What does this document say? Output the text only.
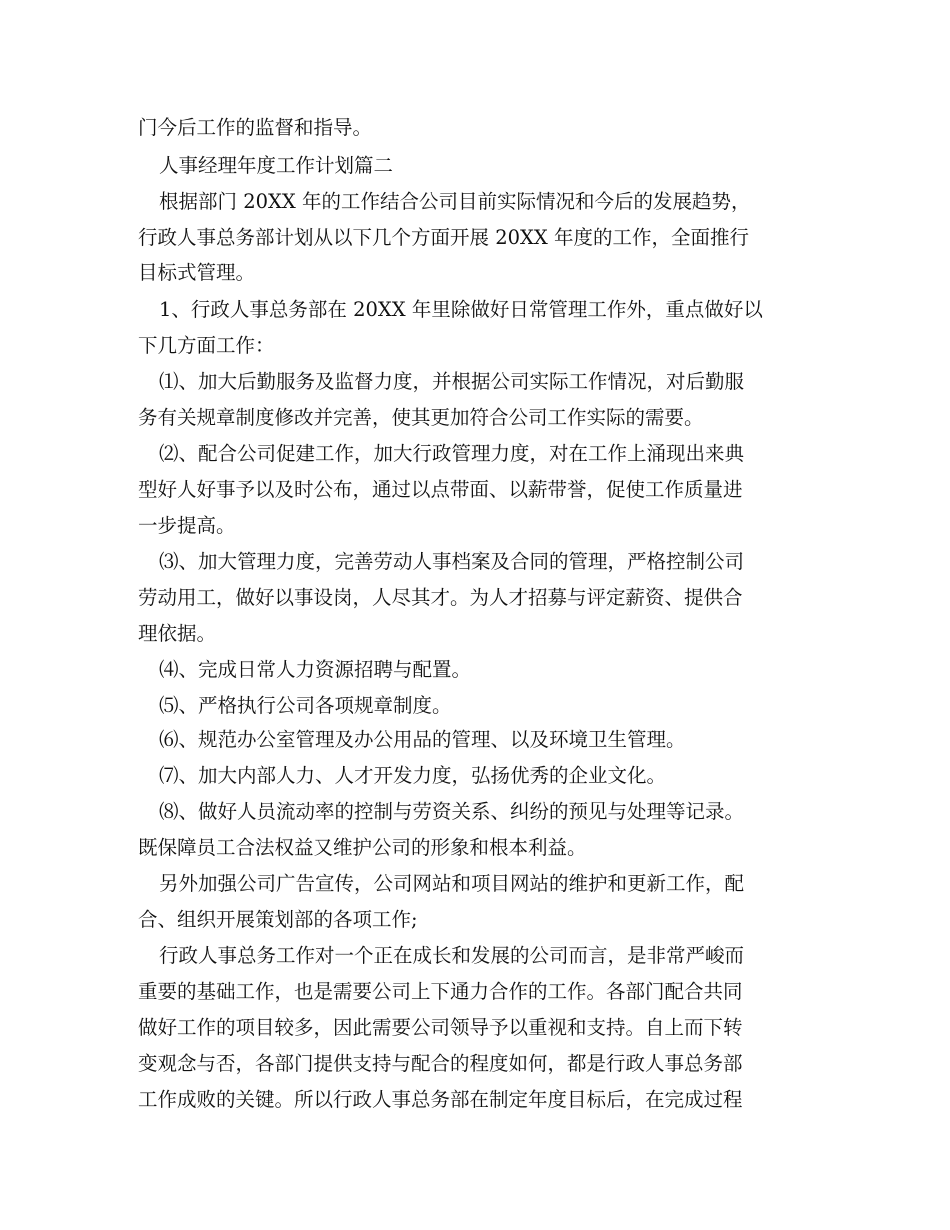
门今后工作的监督和指导。
人事经理年度工作计划篇二
根据部门 20XX 年的工作结合公司目前实际情况和今后的发展趋势，
行政人事总务部计划从以下几个方面开展 20XX 年度的工作，全面推行
目标式管理。
1、行政人事总务部在 20XX 年里除做好日常管理工作外，重点做好以
下几方面工作：
⑴、加大后勤服务及监督力度，并根据公司实际工作情况，对后勤服
务有关规章制度修改并完善，使其更加符合公司工作实际的需要。
⑵、配合公司促建工作，加大行政管理力度，对在工作上涌现出来典
型好人好事予以及时公布，通过以点带面、以薪带誉，促使工作质量进
一步提高。
⑶、加大管理力度，完善劳动人事档案及合同的管理，严格控制公司
劳动用工，做好以事设岗，人尽其才。为人才招募与评定薪资、提供合
理依据。
⑷、完成日常人力资源招聘与配置。
⑸、严格执行公司各项规章制度。
⑹、规范办公室管理及办公用品的管理、以及环境卫生管理。
⑺、加大内部人力、人才开发力度，弘扬优秀的企业文化。
⑻、做好人员流动率的控制与劳资关系、纠纷的预见与处理等记录。
既保障员工合法权益又维护公司的形象和根本利益。
另外加强公司广告宣传，公司网站和项目网站的维护和更新工作，配
合、组织开展策划部的各项工作;
行政人事总务工作对一个正在成长和发展的公司而言，是非常严峻而
重要的基础工作，也是需要公司上下通力合作的工作。各部门配合共同
做好工作的项目较多，因此需要公司领导予以重视和支持。自上而下转
变观念与否，各部门提供支持与配合的程度如何，都是行政人事总务部
工作成败的关键。所以行政人事总务部在制定年度目标后，在完成过程
